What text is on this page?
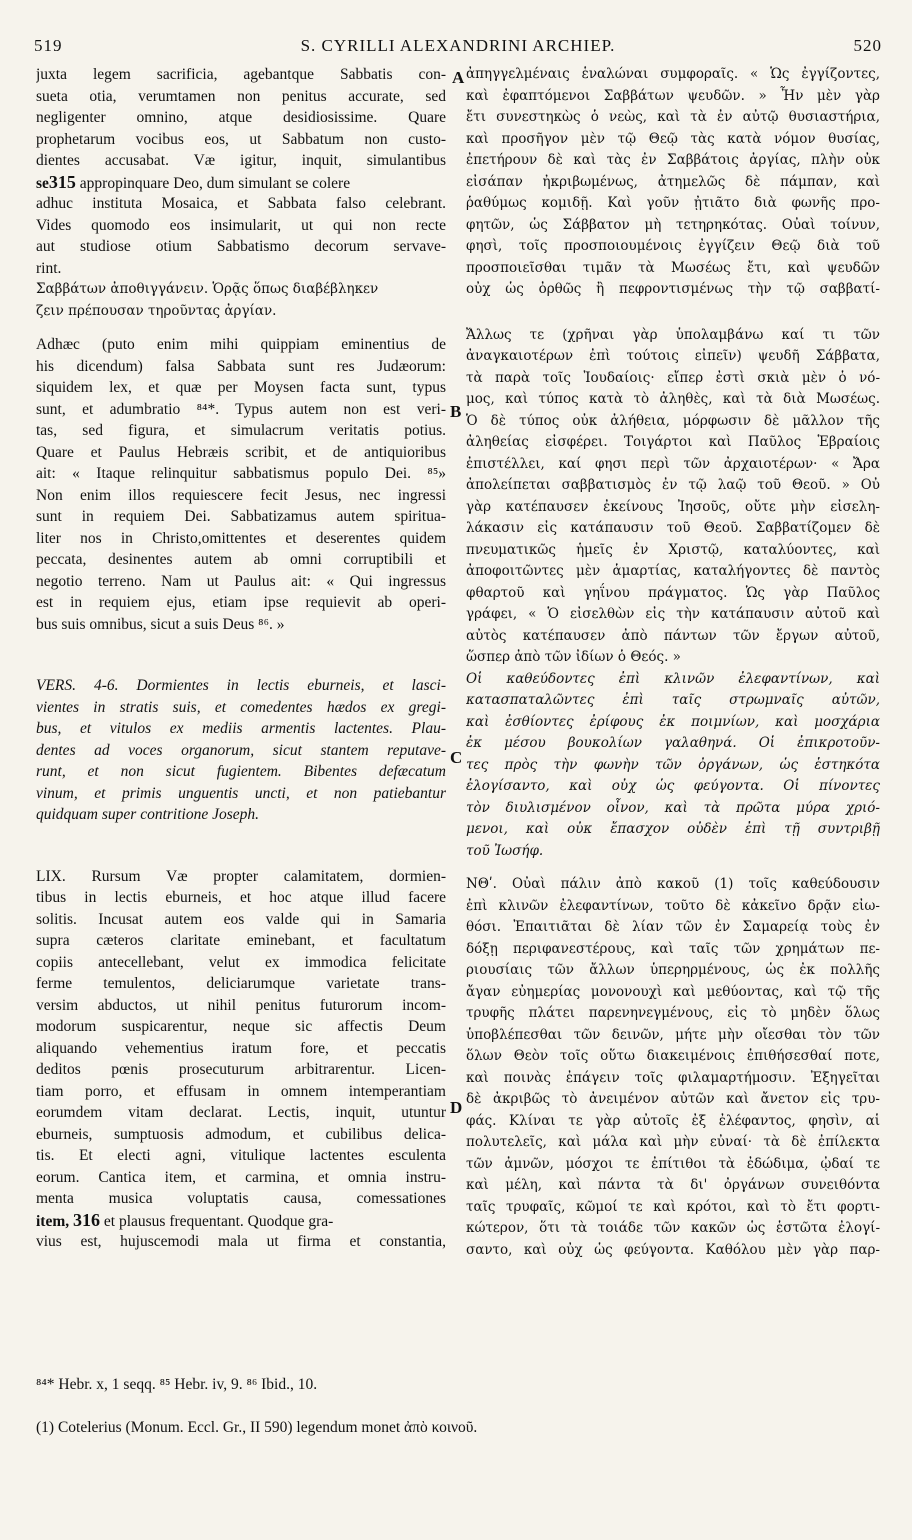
519	S. CYRILLI ALEXANDRINI ARCHIEP.	520
A
B
C
D
juxta legem sacrificia, agebantque Sabbatis con-
sueta otia, verumtamen non penitus accurate, sed
negligenter omnino, atque desidiosissime. Quare
prophetarum vocibus eos, ut Sabbatum non custo-
dientes accusabat. Væ igitur, inquit, simulantibus
se315 appropinquare Deo, dum simulant se colere
adhuc instituta Mosaica, et Sabbata falso celebrant.
Vides quomodo eos insimularit, ut qui non recte
aut studiose otium Sabbatismo decorum servave-
rint.
Σαββάτων ἀποθιγγάνειν. Ὁρᾷς ὅπως διαβέβληκεν
ζειν πρέπουσαν τηροῦντας ἀργίαν.
Adhæc (puto enim mihi quippiam eminentius de
his dicendum) falsa Sabbata sunt res Judæorum:
siquidem lex, et quæ per Moysen facta sunt, typus
sunt, et adumbratio ⁸⁴*. Typus autem non est veri-
tas, sed figura, et simulacrum veritatis potius.
Quare et Paulus Hebræis scribit, et de antiquioribus
ait: « Itaque relinquitur sabbatismus populo Dei. ⁸⁵»
Non enim illos requiescere fecit Jesus, nec ingressi
sunt in requiem Dei. Sabbatizamus autem spiritua-
liter nos in Christo,omittentes et deserentes quidem
peccata, desinentes autem ab omni corruptibili et
negotio terreno. Nam ut Paulus ait: « Qui ingressus
est in requiem ejus, etiam ipse requievit ab operi-
bus suis omnibus, sicut a suis Deus ⁸⁶. »
VERS. 4-6. Dormientes in lectis eburneis, et lasci-
vientes in stratis suis, et comedentes hædos ex gregi-
bus, et vitulos ex mediis armentis lactentes. Plau-
dentes ad voces organorum, sicut stantem reputave-
runt, et non sicut fugientem. Bibentes defæcatum
vinum, et primis unguentis uncti, et non patiebantur
quidquam super contritione Joseph.
LIX. Rursum Væ propter calamitatem, dormien-
tibus in lectis eburneis, et hoc atque illud facere
solitis. Incusat autem eos valde qui in Samaria
supra cæteros claritate eminebant, et facultatum
copiis antecellebant, velut ex immodica felicitate
ferme temulentos, deliciarumque varietate trans-
versim abductos, ut nihil penitus futurorum incom-
modorum suspicarentur, neque sic affectis Deum
aliquando vehementius iratum fore, et peccatis
deditos pœnis prosecuturum arbitrarentur. Licen-
tiam porro, et effusam in omnem intemperantiam
eorumdem vitam declarat. Lectis, inquit, utuntur
eburneis, sumptuosis admodum, et cubilibus delica-
tis. Et electi agni, vitulique lactentes esculenta
eorum. Cantica item, et carmina, et omnia instru-
menta musica voluptatis causa, comessationes
item, 316 et plausus frequentant. Quodque gra-
vius est, hujuscemodi mala ut firma et constantia,
ἀπηγγελμέναις ἑναλώναι συμφοραῖς. « Ὡς ἐγγίζοντες,
καὶ ἐφαπτόμενοι Σαββάτων ψευδῶν. » Ἦν μὲν γὰρ
ἔτι συνεστηκὼς ὁ νεὼς, καὶ τὰ ἐν αὐτῷ θυσιαστήρια,
καὶ προσῆγον μὲν τῷ Θεῷ τὰς κατὰ νόμον θυσίας,
ἐπετήρουν δὲ καὶ τὰς ἐν Σαββάτοις ἀργίας, πλὴν οὐκ
εἰσάπαν ἠκριβωμένως, ἀτημελῶς δὲ πάμπαν, καὶ
ῥαθύμως κομιδῇ. Καὶ γοῦν ᾐτιᾶτο διὰ φωνῆς προ-
φητῶν, ὡς Σάββατον μὴ τετηρηκότας. Οὐαὶ τοίνυν,
φησὶ, τοῖς προσποιουμένοις ἐγγίζειν Θεῷ διὰ τοῦ
προσποιεῖσθαι τιμᾶν τὰ Μωσέως ἔτι, καὶ ψευδῶν
οὐχ ὡς ὀρθῶς ἢ πεφροντισμένως τὴν τῷ σαββατί-
Ἄλλως τε (χρῆναι γὰρ ὑπολαμβάνω καί τι τῶν
ἀναγκαιοτέρων ἐπὶ τούτοις εἰπεῖν) ψευδῆ Σάββατα,
τὰ παρὰ τοῖς Ἰουδαίοις· εἴπερ ἐστὶ σκιὰ μὲν ὁ νό-
μος, καὶ τύπος κατὰ τὸ ἀληθὲς, καὶ τὰ διὰ Μωσέως.
Ὁ δὲ τύπος οὐκ ἀλήθεια, μόρφωσιν δὲ μᾶλλον τῆς
ἀληθείας εἰσφέρει. Τοιγάρτοι καὶ Παῦλος Ἑβραίοις
ἐπιστέλλει, καί φησι περὶ τῶν ἀρχαιοτέρων· « Ἄρα
ἀπολείπεται σαββατισμὸς ἐν τῷ λαῷ τοῦ Θεοῦ. » Οὐ
γὰρ κατέπαυσεν ἐκείνους Ἰησοῦς, οὔτε μὴν εἰσελη-
λάκασιν εἰς κατάπαυσιν τοῦ Θεοῦ. Σαββατίζομεν δὲ
πνευματικῶς ἡμεῖς ἐν Χριστῷ, καταλύοντες, καὶ
ἀποφοιτῶντες μὲν ἁμαρτίας, καταλήγοντες δὲ παντὸς
φθαρτοῦ καὶ γηΐνου πράγματος. Ὡς γὰρ Παῦλος
γράφει, « Ὁ εἰσελθὼν εἰς τὴν κατάπαυσιν αὐτοῦ καὶ
αὐτὸς κατέπαυσεν ἀπὸ πάντων τῶν ἔργων αὐτοῦ,
ὥσπερ ἀπὸ τῶν ἰδίων ὁ Θεός. »
Οἱ καθεύδοντες ἐπὶ κλινῶν ἐλεφαντίνων, καὶ
κατασπαταλῶντες ἐπὶ ταῖς στρωμναῖς αὐτῶν,
καὶ ἐσθίοντες ἐρίφους ἐκ ποιμνίων, καὶ μοσχάρια
ἐκ μέσου βουκολίων γαλαθηνά. Οἱ ἐπικροτοῦν-
τες πρὸς τὴν φωνὴν τῶν ὀργάνων, ὡς ἑστηκότα
ἐλογίσαντο, καὶ οὐχ ὡς φεύγοντα. Οἱ πίνοντες
τὸν διυλισμένον οἶνον, καὶ τὰ πρῶτα μύρα χριό-
μενοι, καὶ οὐκ ἔπασχον οὐδὲν ἐπὶ τῇ συντριβῇ
τοῦ Ἰωσήφ.
ΝΘʹ. Οὐαὶ πάλιν ἀπὸ κακοῦ (1) τοῖς καθεύδουσιν
ἐπὶ κλινῶν ἐλεφαντίνων, τοῦτο δὲ κἀκεῖνο δρᾷν εἰω-
θόσι. Ἐπαιτιᾶται δὲ λίαν τῶν ἐν Σαμαρείᾳ τοὺς ἐν
δόξῃ περιφανεστέρους, καὶ ταῖς τῶν χρημάτων πε-
ριουσίαις τῶν ἄλλων ὑπερηρμένους, ὡς ἐκ πολλῆς
ἄγαν εὐημερίας μονονουχὶ καὶ μεθύοντας, καὶ τῷ τῆς
τρυφῆς πλάτει παρενηνεγμένους, εἰς τὸ μηδὲν ὅλως
ὑποβλέπεσθαι τῶν δεινῶν, μήτε μὴν οἴεσθαι τὸν τῶν
ὅλων Θεὸν τοῖς οὕτω διακειμένοις ἐπιθήσεσθαί ποτε,
καὶ ποινὰς ἐπάγειν τοῖς φιλαμαρτήμοσιν. Ἐξηγεῖται
δὲ ἀκριβῶς τὸ ἀνειμένον αὐτῶν καὶ ἄνετον εἰς τρυ-
φάς. Κλίναι τε γὰρ αὐτοῖς ἐξ ἐλέφαντος, φησὶν, αἱ
πολυτελεῖς, καὶ μάλα καὶ μὴν εὐναί· τὰ δὲ ἐπίλεκτα
τῶν ἀμνῶν, μόσχοι τε ἐπίτιθοι τὰ ἐδώδιμα, ᾠδαί τε
καὶ μέλη, καὶ πάντα τὰ δι' ὀργάνων συνειθόντα
ταῖς τρυφαῖς, κῶμοί τε καὶ κρότοι, καὶ τὸ ἔτι φορτι-
κώτερον, ὅτι τὰ τοιάδε τῶν κακῶν ὡς ἑστῶτα ἐλογί-
σαντο, καὶ οὐχ ὡς φεύγοντα. Καθόλου μὲν γὰρ παρ-
⁸⁴* Hebr. x, 1 seqq. ⁸⁵ Hebr. iv, 9. ⁸⁶ Ibid., 10.
(1) Cotelerius (Monum. Eccl. Gr., II 590) legendum monet ἀπὸ κοινοῦ.
